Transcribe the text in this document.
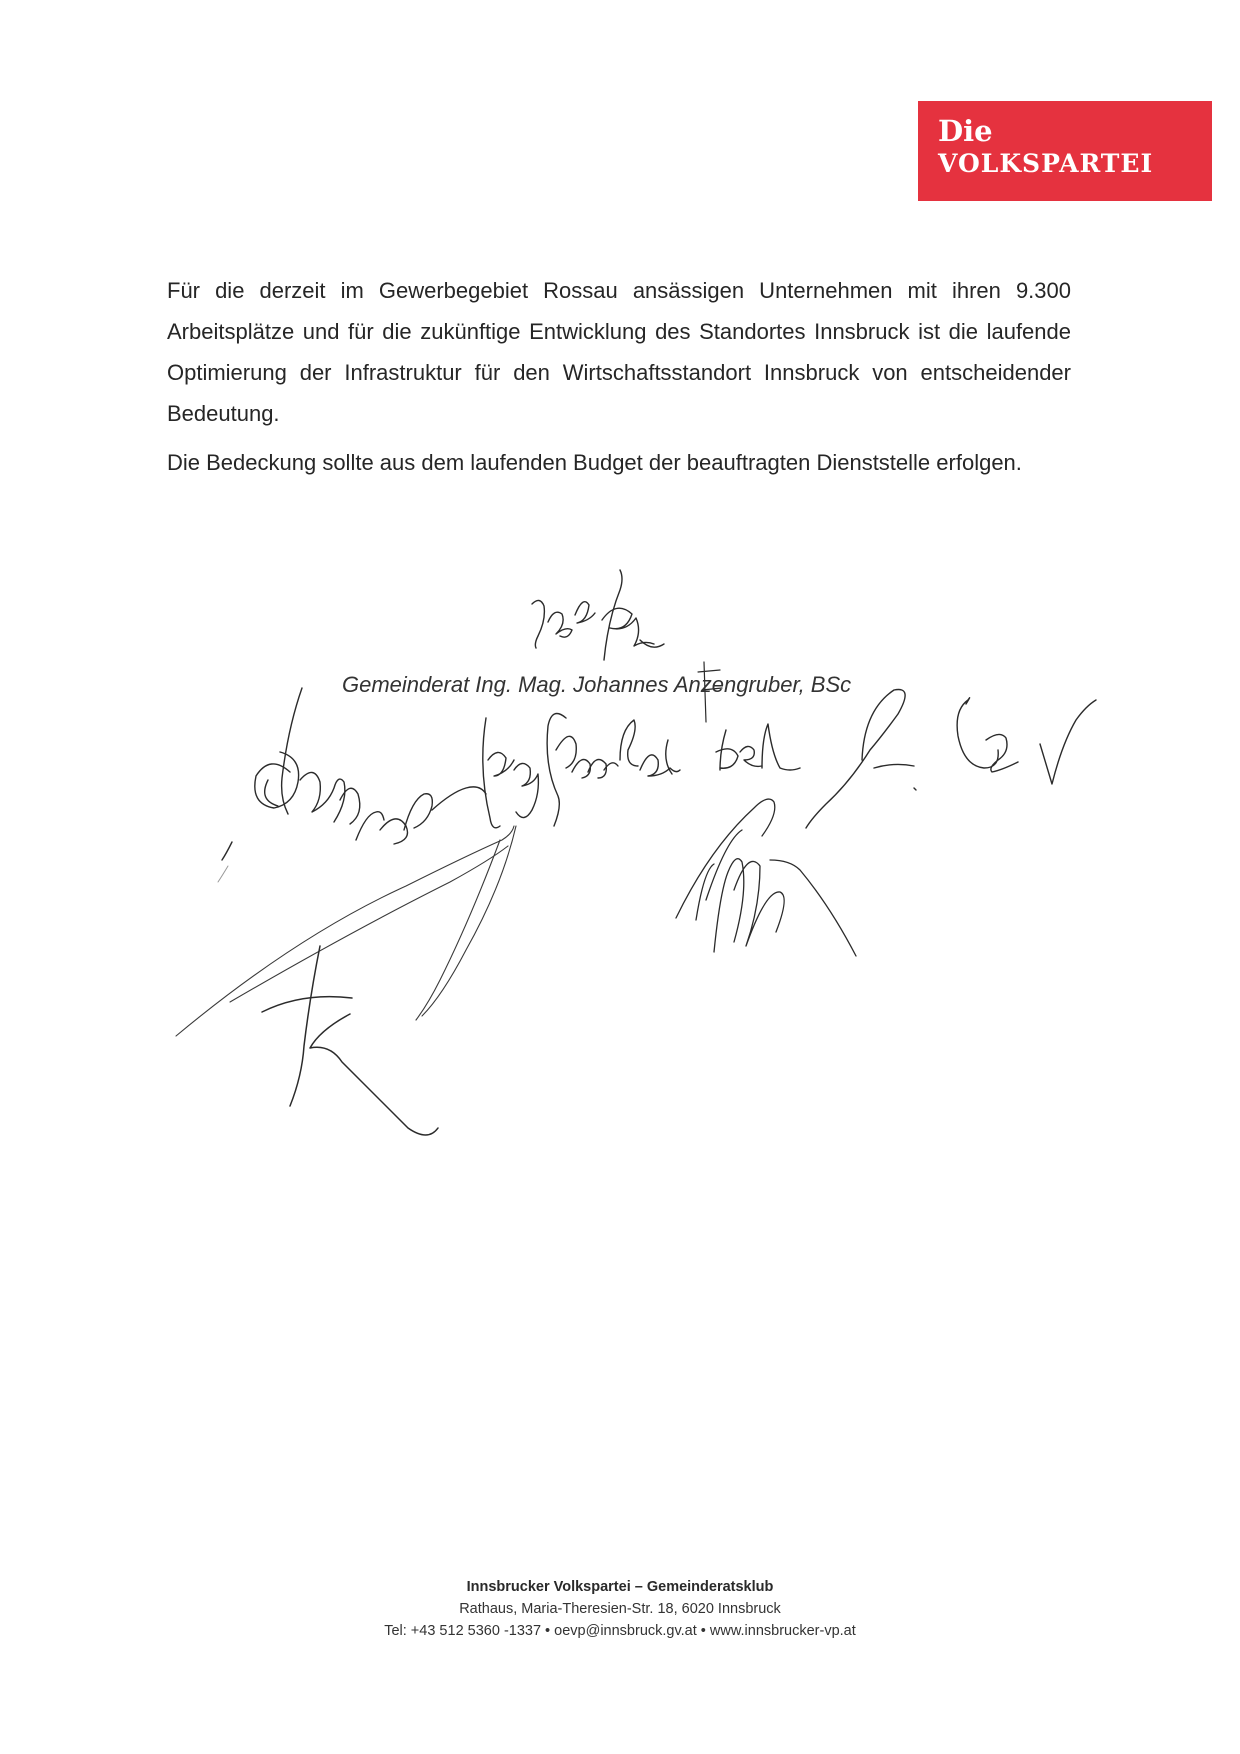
Die
VOLKSPARTEI

Für die derzeit im Gewerbegebiet Rossau ansässigen Unternehmen mit ihren 9.300 Arbeitsplätze und für die zukünftige Entwicklung des Standortes Innsbruck ist die laufende Optimierung der Infrastruktur für den Wirtschaftsstandort Innsbruck von entscheidender Bedeutung.

Die Bedeckung sollte aus dem laufenden Budget der beauftragten Dienststelle erfolgen.

Gemeinderat Ing. Mag. Johannes Anzengruber, BSc
Innsbrucker Volkspartei – Gemeinderatsklub
Rathaus, Maria-Theresien-Str. 18, 6020 Innsbruck
Tel: +43 512 5360 -1337 • oevp@innsbruck.gv.at • www.innsbrucker-vp.at
